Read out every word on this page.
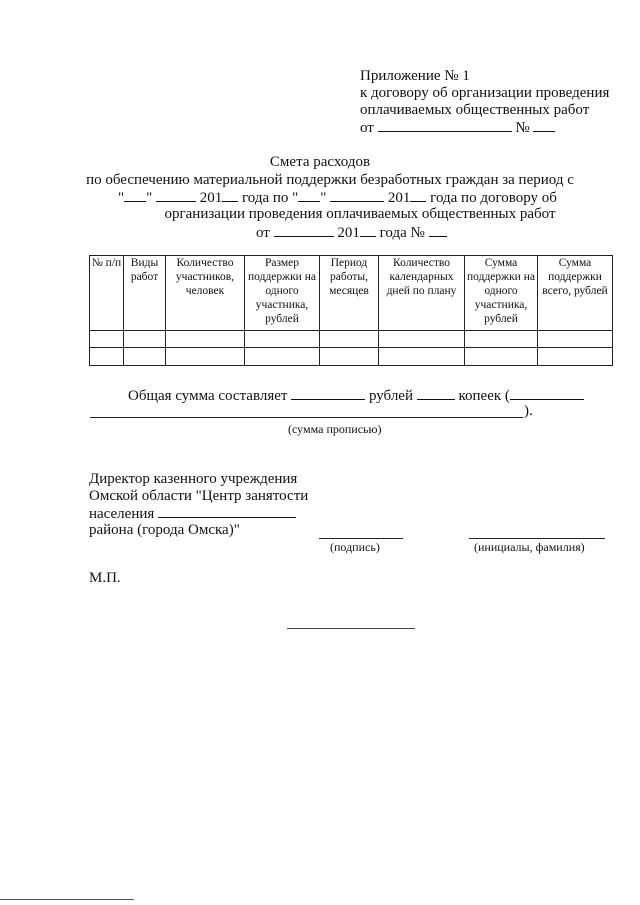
Приложение № 1
к договору об организации проведения
оплачиваемых общественных работ
от	№
Смета расходов
по обеспечению материальной поддержки безработных граждан за период с
" "	201 года по " "	201 года по договору об
организации проведения оплачиваемых общественных работ
от	201 года №
№ п/п	Виды работ	Количество участников, человек	Размер поддержки на одного участника, рублей	Период работы, месяцев	Количество календарных дней по плану	Сумма поддержки на одного участника, рублей	Сумма поддержки всего, рублей

Общая сумма составляет	рублей	копеек (
).
(сумма прописью)
Директор казенного учреждения
Омской области "Центр занятости
населения
района (города Омска)"
(подпись)	(инициалы, фамилия)
М.П.
